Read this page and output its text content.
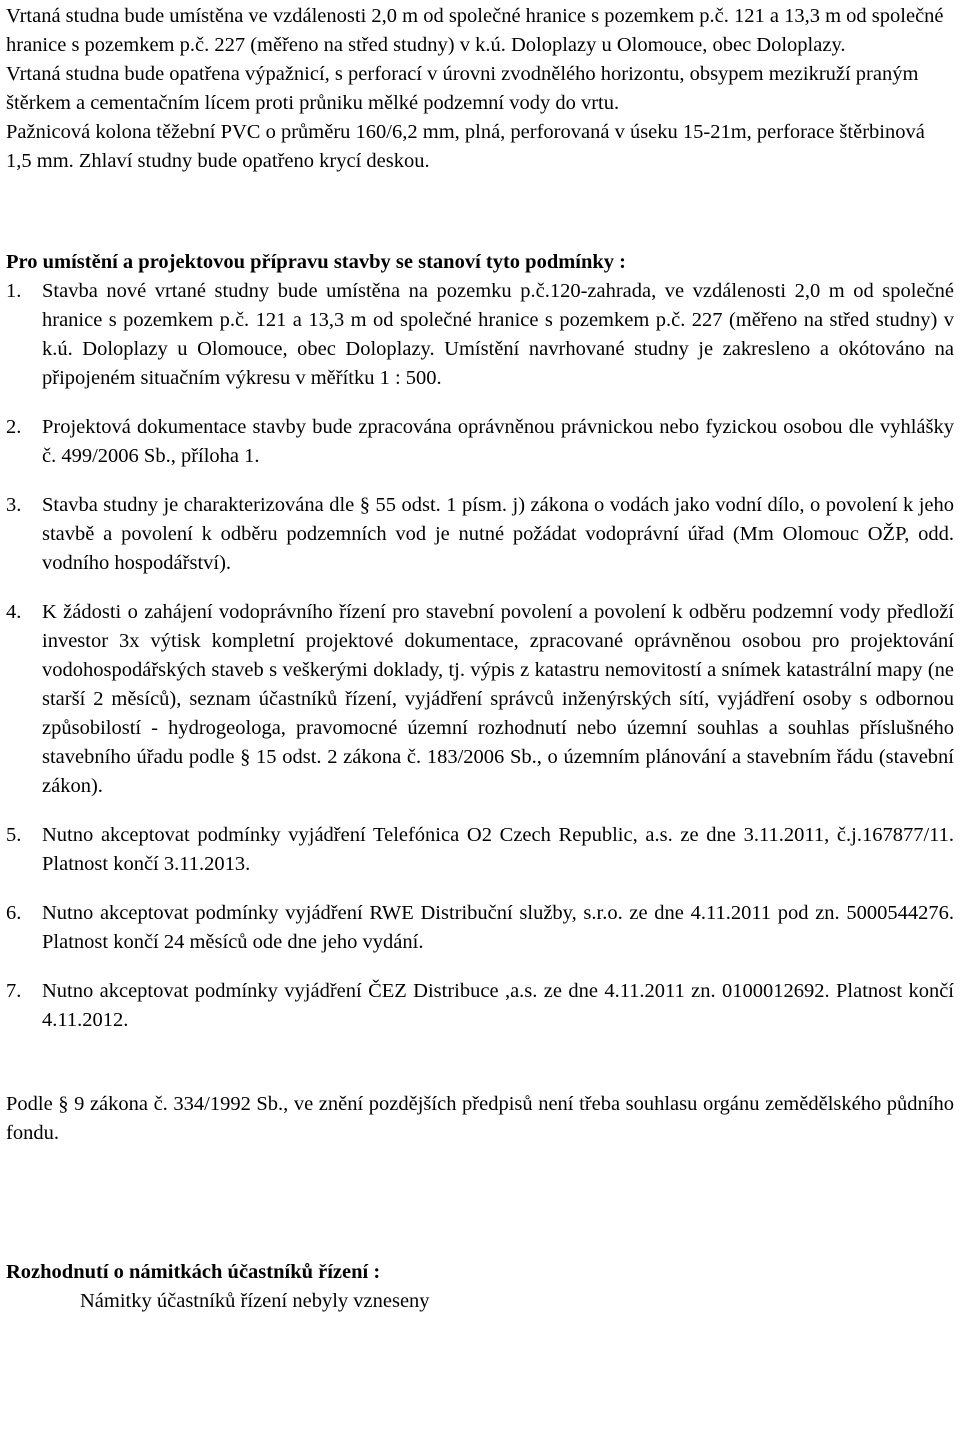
Vrtaná studna bude umístěna ve vzdálenosti 2,0 m od společné hranice s pozemkem p.č. 121 a 13,3 m od společné hranice s pozemkem p.č. 227 (měřeno na střed studny) v k.ú. Doloplazy u Olomouce, obec Doloplazy.

Vrtaná studna bude opatřena výpažnicí, s perforací v úrovni zvodnělého horizontu, obsypem mezikruží praným štěrkem a cementačním lícem proti průniku mělké podzemní vody do vrtu.

Pažnicová kolona těžební PVC o průměru 160/6,2 mm, plná, perforovaná v úseku 15-21m, perforace štěrbinová 1,5 mm. Zhlaví studny bude opatřeno krycí deskou.

Pro umístění a projektovou přípravu stavby se stanoví tyto podmínky :

1.	Stavba nové vrtané studny bude umístěna na pozemku p.č.120-zahrada, ve vzdálenosti 2,0 m od společné hranice s pozemkem p.č. 121 a 13,3 m od společné hranice s pozemkem p.č. 227 (měřeno na střed studny) v k.ú. Doloplazy u Olomouce, obec Doloplazy. Umístění navrhované studny je zakresleno a okótováno na připojeném situačním výkresu v měřítku 1 : 500.
2.	Projektová dokumentace stavby bude zpracována oprávněnou právnickou nebo fyzickou osobou dle vyhlášky č. 499/2006 Sb., příloha 1.
3.	Stavba studny je charakterizována dle § 55 odst. 1 písm. j) zákona o vodách jako vodní dílo, o povolení k jeho stavbě a povolení k odběru podzemních vod je nutné požádat vodoprávní úřad (Mm Olomouc OŽP, odd. vodního hospodářství).
4.	K žádosti o zahájení vodoprávního řízení pro stavební povolení a povolení k odběru podzemní vody předloží investor 3x výtisk kompletní projektové dokumentace, zpracované oprávněnou osobou pro projektování vodohospodářských staveb s veškerými doklady, tj. výpis z katastru nemovitostí a snímek katastrální mapy (ne starší 2 měsíců), seznam účastníků řízení, vyjádření správců inženýrských sítí, vyjádření osoby s odbornou způsobilostí - hydrogeologa, pravomocné územní rozhodnutí nebo územní souhlas a souhlas příslušného stavebního úřadu podle § 15 odst. 2 zákona č. 183/2006 Sb., o územním plánování a stavebním řádu (stavební zákon).
5.	Nutno akceptovat podmínky vyjádření Telefónica O2 Czech Republic, a.s. ze dne 3.11.2011, č.j.167877/11. Platnost končí 3.11.2013.
6.	Nutno akceptovat podmínky vyjádření RWE Distribuční služby, s.r.o. ze dne 4.11.2011 pod zn. 5000544276. Platnost končí 24 měsíců ode dne jeho vydání.
7.	Nutno akceptovat podmínky vyjádření ČEZ Distribuce ,a.s. ze dne 4.11.2011 zn. 0100012692. Platnost končí 4.11.2012.

Podle § 9 zákona č. 334/1992 Sb., ve znění pozdějších předpisů není třeba souhlasu orgánu zemědělského půdního fondu.

Rozhodnutí o námitkách účastníků řízení :

Námitky účastníků řízení nebyly vzneseny
